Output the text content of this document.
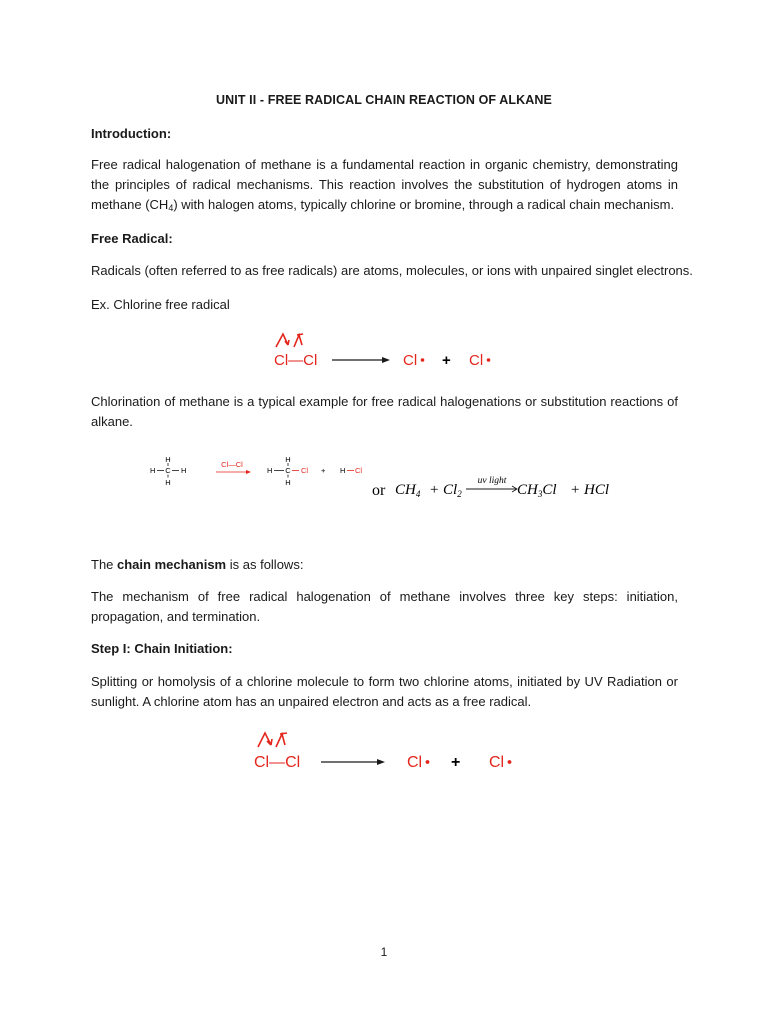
UNIT II - FREE RADICAL CHAIN REACTION OF ALKANE
Introduction:
Free radical halogenation of methane is a fundamental reaction in organic chemistry, demonstrating the principles of radical mechanisms. This reaction involves the substitution of hydrogen atoms in methane $(CH_4)$ with halogen atoms, typically chlorine or bromine, through a radical chain mechanism.
Free Radical:
Radicals (often referred to as free radicals) are atoms, molecules, or ions with unpaired singlet electrons.
Ex. Chlorine free radical
Cl—Cl	Cl + Cl
Chlorination of methane is a typical example for free radical halogenations or substitution reactions of alkane.
H
H C H
H
Cl—Cl
H
H C Cl
H
+ H Cl
or $CH_4 + Cl_2$
uv light
$CH_3Cl$ + HCl
The chain mechanism is as follows:
The mechanism of free radical halogenation of methane involves three key steps: initiation, propagation, and termination.
Step I: Chain Initiation:
Splitting or homolysis of a chlorine molecule to form two chlorine atoms, initiated by UV Radiation or sunlight. A chlorine atom has an unpaired electron and acts as a free radical.
Cl—Cl	Cl + Cl
1
